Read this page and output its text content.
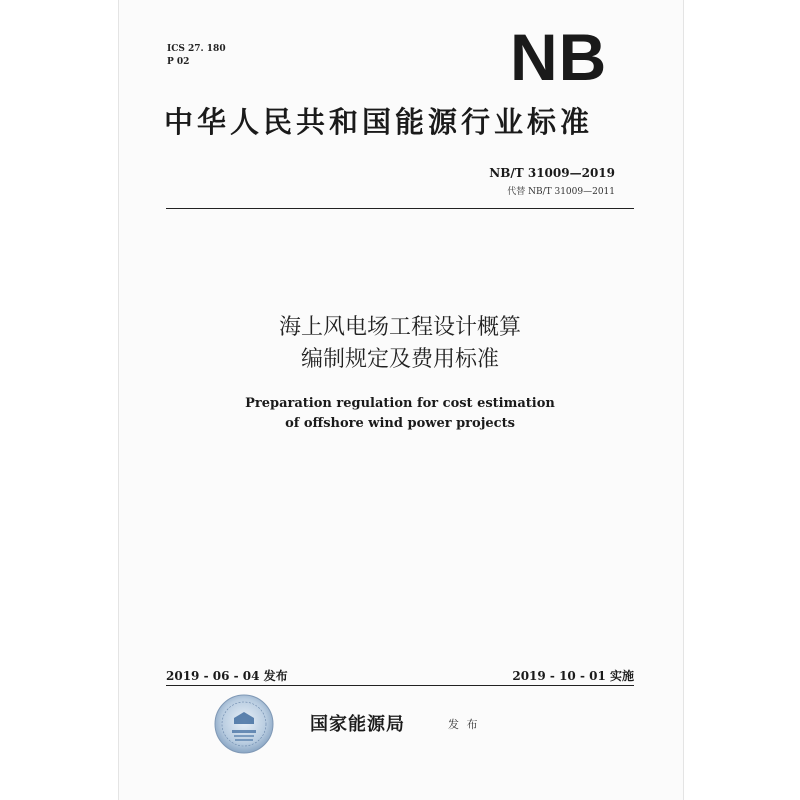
ICS 27. 180
P 02	NB
中华人民共和国能源行业标准
NB/T 31009—2019
代替 NB/T 31009—2011
海上风电场工程设计概算
编制规定及费用标准
Preparation regulation for cost estimation
of offshore wind power projects
2019 - 06 - 04 发布	2019 - 10 - 01 实施
国家能源局	发 布
